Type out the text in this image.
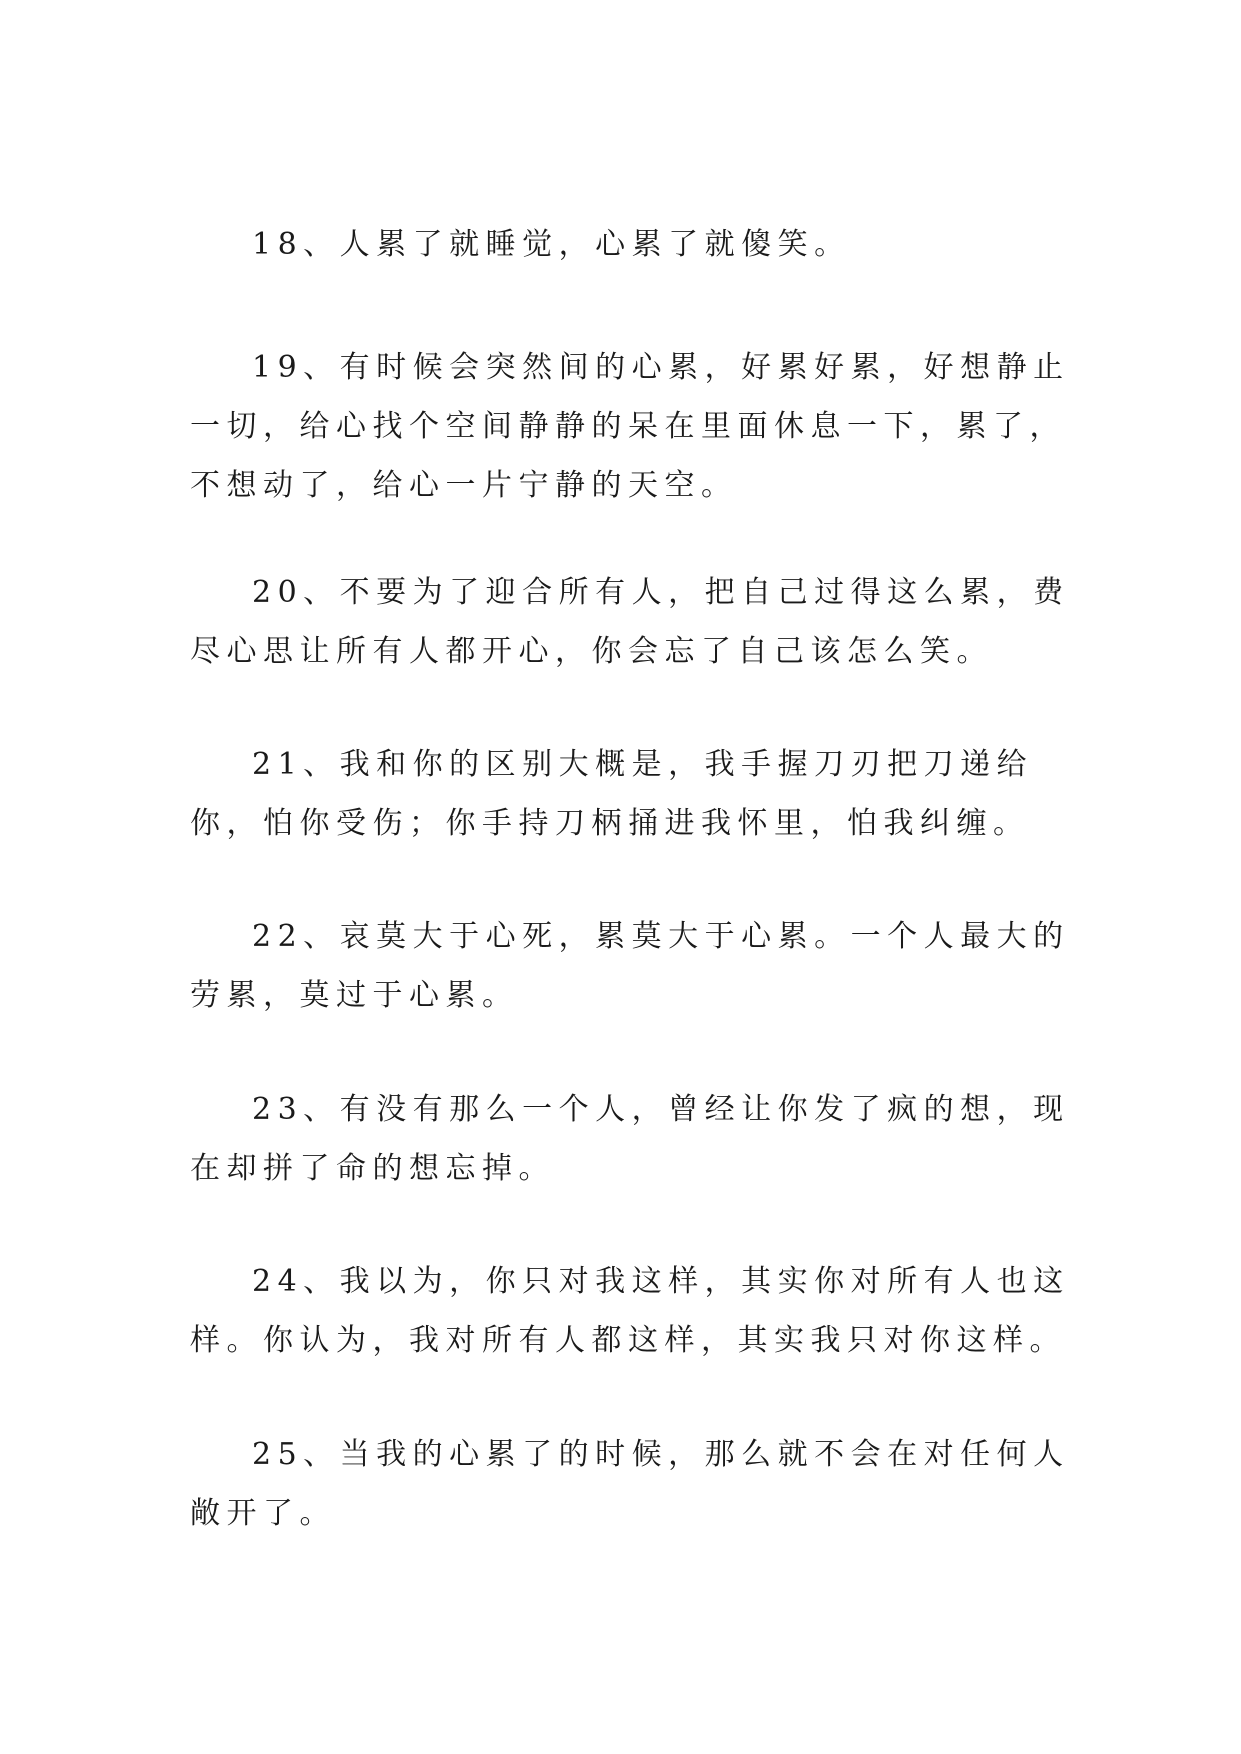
18、人累了就睡觉，心累了就傻笑。

19、有时候会突然间的心累，好累好累，好想静止一切，给心找个空间静静的呆在里面休息一下，累了，不想动了，给心一片宁静的天空。

20、不要为了迎合所有人，把自己过得这么累，费尽心思让所有人都开心，你会忘了自己该怎么笑。

21、我和你的区别大概是，我手握刀刃把刀递给你，怕你受伤；你手持刀柄捅进我怀里，怕我纠缠。

22、哀莫大于心死，累莫大于心累。一个人最大的劳累，莫过于心累。

23、有没有那么一个人，曾经让你发了疯的想，现在却拼了命的想忘掉。

24、我以为，你只对我这样，其实你对所有人也这样。你认为，我对所有人都这样，其实我只对你这样。

25、当我的心累了的时候，那么就不会在对任何人敞开了。
